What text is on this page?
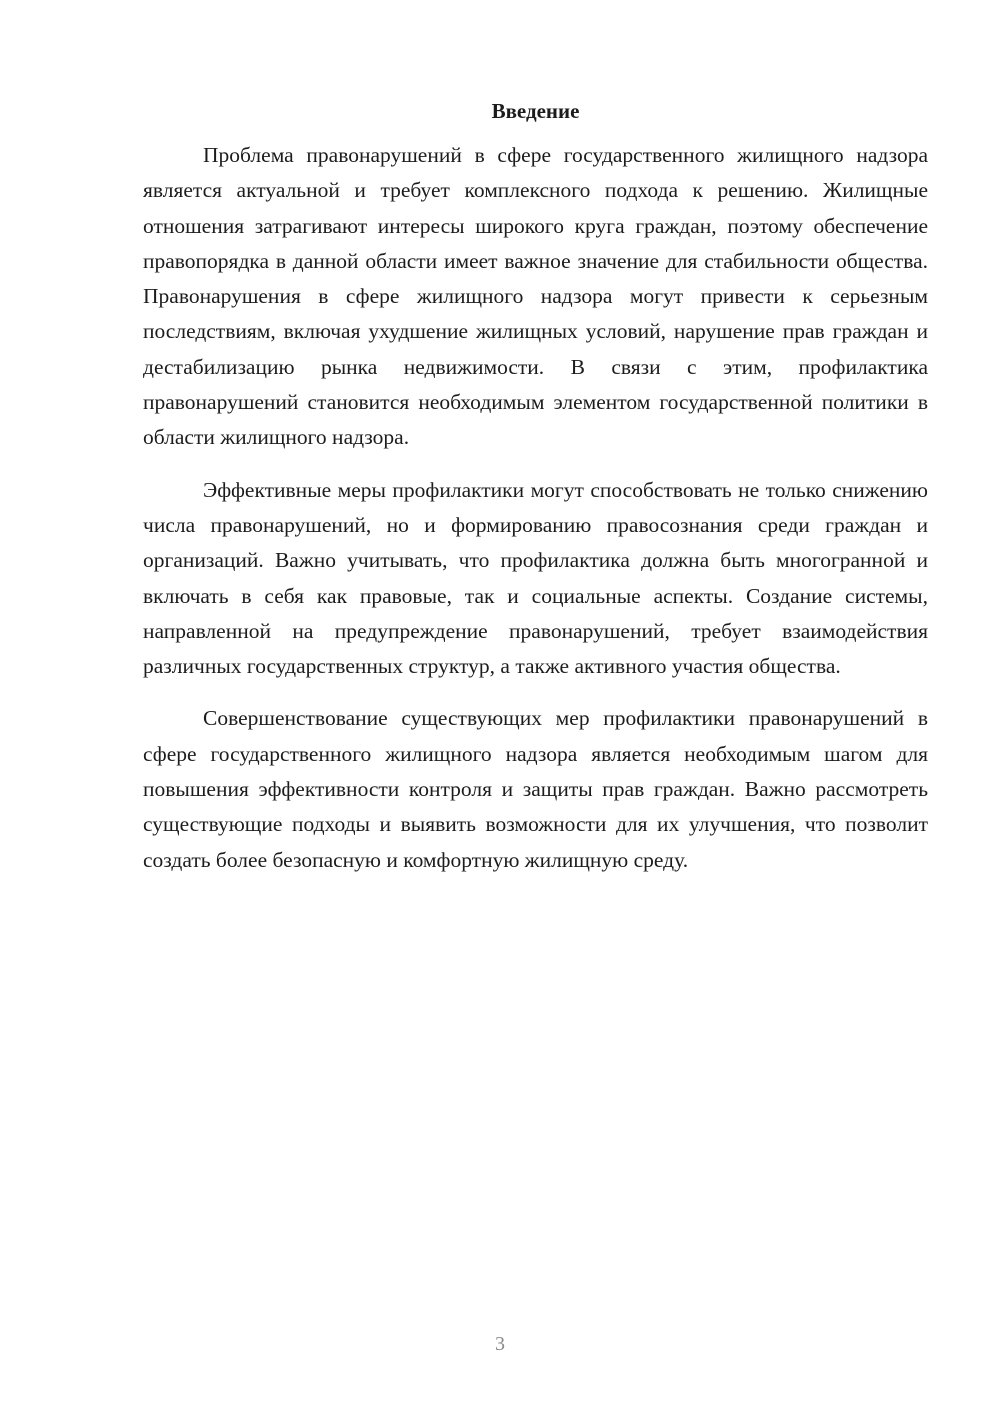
Введение

Проблема правонарушений в сфере государственного жилищного надзора является актуальной и требует комплексного подхода к решению. Жилищные отношения затрагивают интересы широкого круга граждан, поэтому обеспечение правопорядка в данной области имеет важное значение для стабильности общества. Правонарушения в сфере жилищного надзора могут привести к серьезным последствиям, включая ухудшение жилищных условий, нарушение прав граждан и дестабилизацию рынка недвижимости. В связи с этим, профилактика правонарушений становится необходимым элементом государственной политики в области жилищного надзора.

Эффективные меры профилактики могут способствовать не только снижению числа правонарушений, но и формированию правосознания среди граждан и организаций. Важно учитывать, что профилактика должна быть многогранной и включать в себя как правовые, так и социальные аспекты. Создание системы, направленной на предупреждение правонарушений, требует взаимодействия различных государственных структур, а также активного участия общества.

Совершенствование существующих мер профилактики правонарушений в сфере государственного жилищного надзора является необходимым шагом для повышения эффективности контроля и защиты прав граждан. Важно рассмотреть существующие подходы и выявить возможности для их улучшения, что позволит создать более безопасную и комфортную жилищную среду.

3
